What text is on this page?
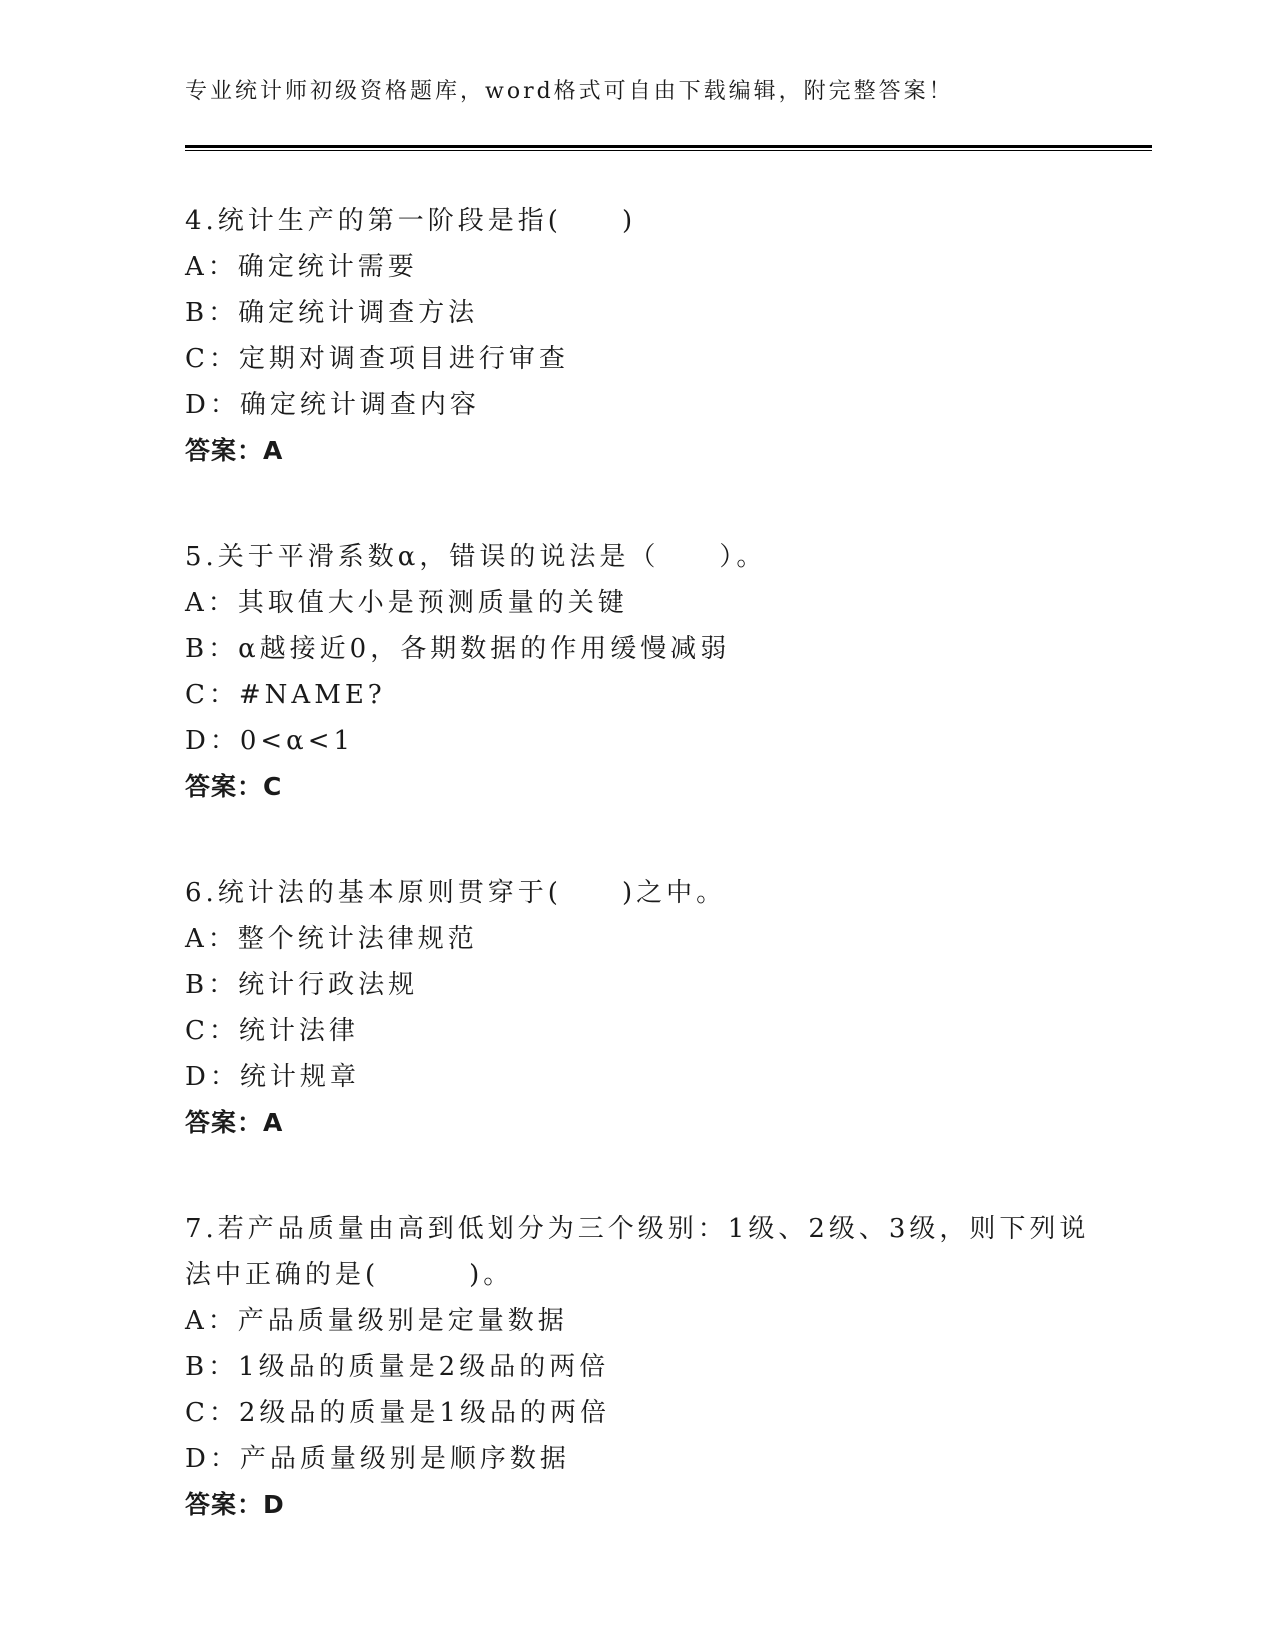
专业统计师初级资格题库，word格式可自由下载编辑，附完整答案！
4.统计生产的第一阶段是指(　　)
A：确定统计需要
B：确定统计调查方法
C：定期对调查项目进行审查
D：确定统计调查内容
答案：A
5.关于平滑系数α，错误的说法是（　　）。
A：其取值大小是预测质量的关键
B：α越接近0，各期数据的作用缓慢减弱
C：#NAME?
D：0<α<1
答案：C
6.统计法的基本原则贯穿于(　　)之中。
A：整个统计法律规范
B：统计行政法规
C：统计法律
D：统计规章
答案：A
7.若产品质量由高到低划分为三个级别：1级、2级、3级，则下列说
法中正确的是(　　　)。
A：产品质量级别是定量数据
B：1级品的质量是2级品的两倍
C：2级品的质量是1级品的两倍
D：产品质量级别是顺序数据
答案：D
